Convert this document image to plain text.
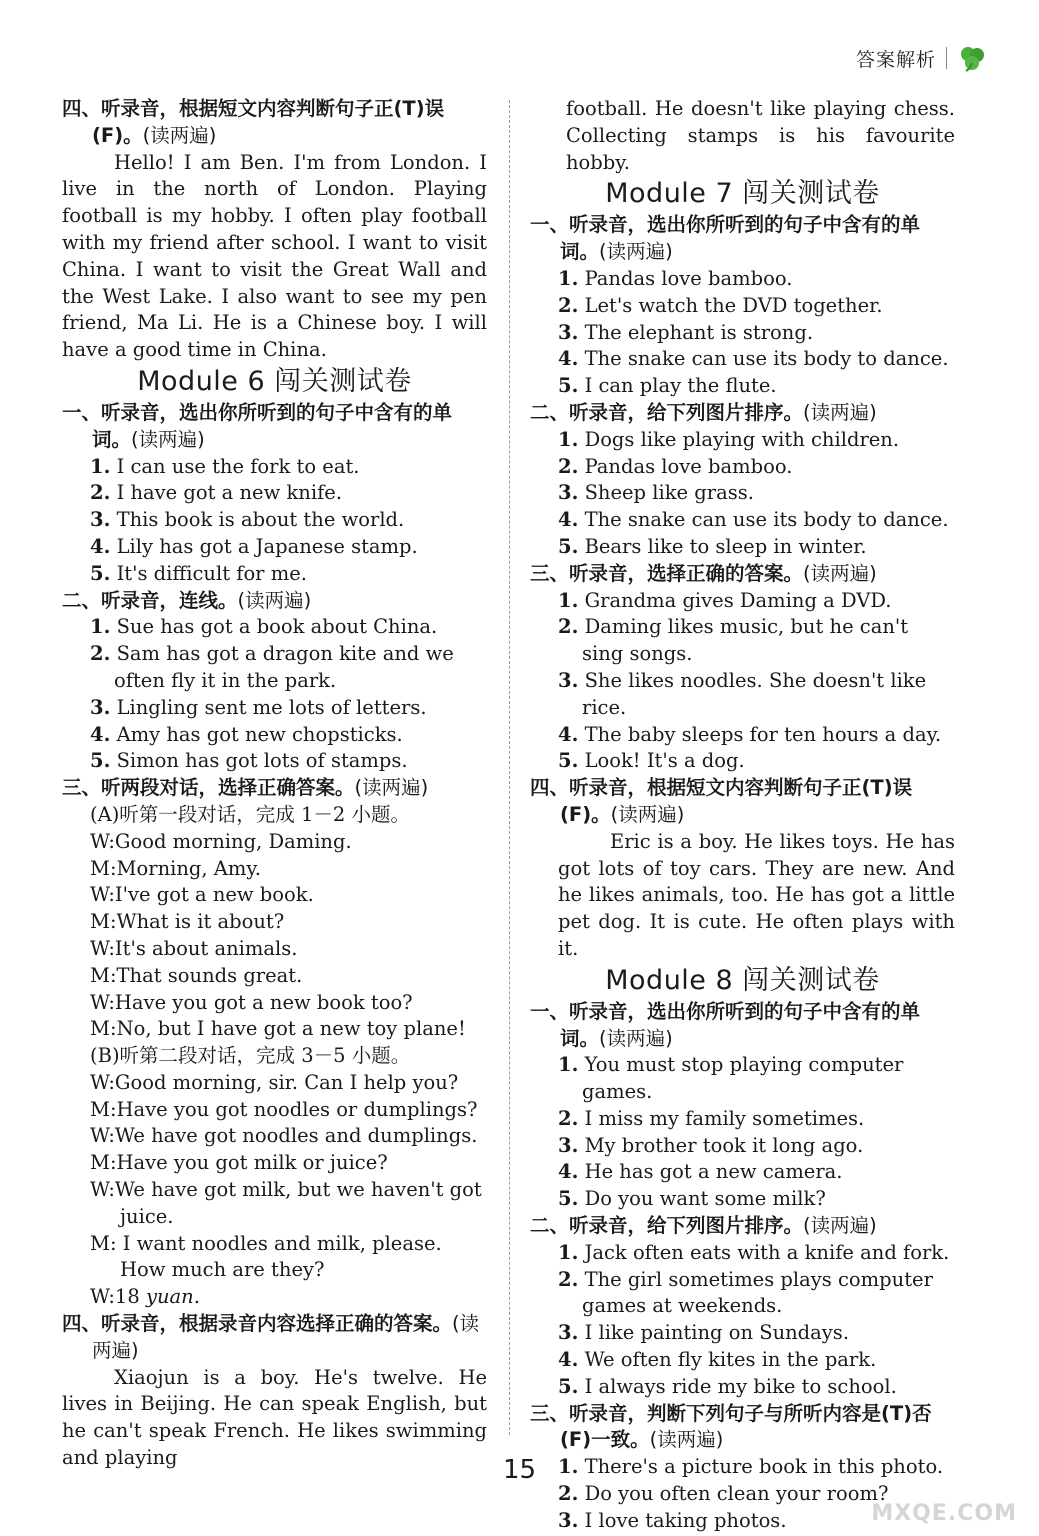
答案解析
四、听录音，根据短文内容判断句子正(T)误(F)。(读两遍)
Hello! I am Ben. I'm from London. I live in the north of London. Playing football is my hobby. I often play football with my friend after school. I want to visit China. I want to visit the Great Wall and the West Lake. I also want to see my pen friend, Ma Li. He is a Chinese boy. I will have a good time in China.
Module 6 闯关测试卷
一、听录音，选出你所听到的句子中含有的单词。(读两遍)
1. I can use the fork to eat.
2. I have got a new knife.
3. This book is about the world.
4. Lily has got a Japanese stamp.
5. It's difficult for me.
二、听录音，连线。(读两遍)
1. Sue has got a book about China.
2. Sam has got a dragon kite and we often fly it in the park.
3. Lingling sent me lots of letters.
4. Amy has got new chopsticks.
5. Simon has got lots of stamps.
三、听两段对话，选择正确答案。(读两遍)
(A)听第一段对话，完成 1－2 小题。
W:Good morning, Daming.
M:Morning, Amy.
W:I've got a new book.
M:What is it about?
W:It's about animals.
M:That sounds great.
W:Have you got a new book too?
M:No, but I have got a new toy plane!
(B)听第二段对话，完成 3－5 小题。
W:Good morning, sir. Can I help you?
M:Have you got noodles or dumplings?
W:We have got noodles and dumplings.
M:Have you got milk or juice?
W:We have got milk, but we haven't got juice.
M: I want noodles and milk, please. How much are they?
W:18 yuan.
四、听录音，根据录音内容选择正确的答案。(读两遍)
Xiaojun is a boy. He's twelve. He lives in Beijing. He can speak English, but he can't speak French. He likes swimming and playing
football. He doesn't like playing chess. Collecting stamps is his favourite hobby.
Module 7 闯关测试卷
一、听录音，选出你所听到的句子中含有的单词。(读两遍)
1. Pandas love bamboo.
2. Let's watch the DVD together.
3. The elephant is strong.
4. The snake can use its body to dance.
5. I can play the flute.
二、听录音，给下列图片排序。(读两遍)
1. Dogs like playing with children.
2. Pandas love bamboo.
3. Sheep like grass.
4. The snake can use its body to dance.
5. Bears like to sleep in winter.
三、听录音，选择正确的答案。(读两遍)
1. Grandma gives Daming a DVD.
2. Daming likes music, but he can't sing songs.
3. She likes noodles. She doesn't like rice.
4. The baby sleeps for ten hours a day.
5. Look! It's a dog.
四、听录音，根据短文内容判断句子正(T)误(F)。(读两遍)
Eric is a boy. He likes toys. He has got lots of toy cars. They are new. And he likes animals, too. He has got a little pet dog. It is cute. He often plays with it.
Module 8 闯关测试卷
一、听录音，选出你所听到的句子中含有的单词。(读两遍)
1. You must stop playing computer games.
2. I miss my family sometimes.
3. My brother took it long ago.
4. He has got a new camera.
5. Do you want some milk?
二、听录音，给下列图片排序。(读两遍)
1. Jack often eats with a knife and fork.
2. The girl sometimes plays computer games at weekends.
3. I like painting on Sundays.
4. We often fly kites in the park.
5. I always ride my bike to school.
三、听录音，判断下列句子与所听内容是(T)否(F)一致。(读两遍)
1. There's a picture book in this photo.
2. Do you often clean your room?
3. I love taking photos.
15
MXQE.COM
